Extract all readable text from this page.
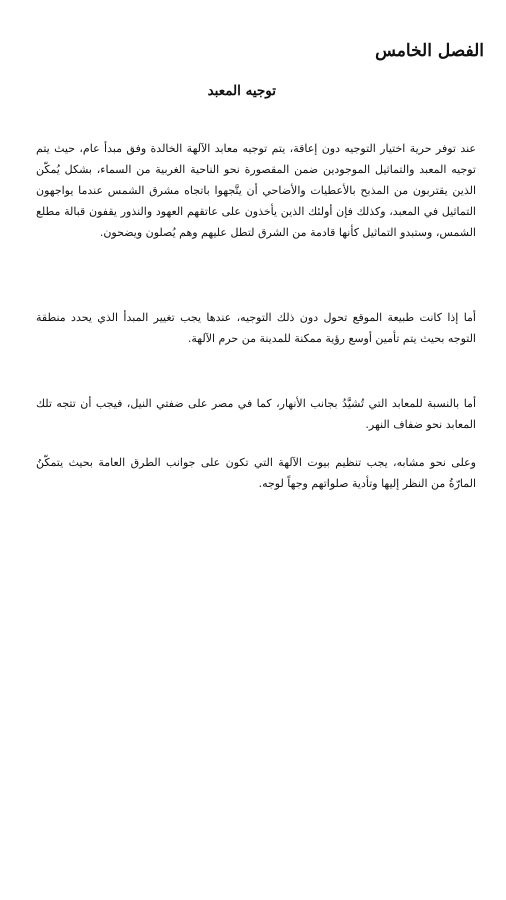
الفصل الخامس
توجيه المعبد

عند توفر حرية اختيار التوجيه دون إعاقة، يتم توجيه معابد الآلهة الخالدة وفق مبدأ عام، حيث يتم توجيه المعبد والتماثيل الموجودين ضمن المقصورة نحو الناحية الغربية من السماء، بشكل يُمكّن الذين يقتربون من المذبح بالأعطيات والأضاحي أن يتَّجهوا باتجاه مشرق الشمس عندما يواجهون التماثيل في المعبد، وكذلك فإن أولئك الذين يأخذون على عاتقهم العهود والنذور يقفون قبالة مطلع الشمس، وستبدو التماثيل كأنها قادمة من الشرق لتطل عليهم وهم يُصلون ويضحون.

أما إذا كانت طبيعة الموقع تحول دون ذلك التوجيه، عندها يجب تغيير المبدأ الذي يحدد منطقة التوجه بحيث يتم تأمين أوسع رؤية ممكنة للمدينة من حرم الآلهة.

أما بالنسبة للمعابد التي تُشيَّدُ بجانب الأنهار، كما في مصر على ضفتي النيل، فيجب أن تتجه تلك المعابد نحو ضفاف النهر.

وعلى نحو مشابه، يجب تنظيم بيوت الآلهة التي تكون على جوانب الطرق العامة بحيث يتمكّنُ المارّةُ من النظر إليها وتأدية صلواتهم وجهاً لوجه.
